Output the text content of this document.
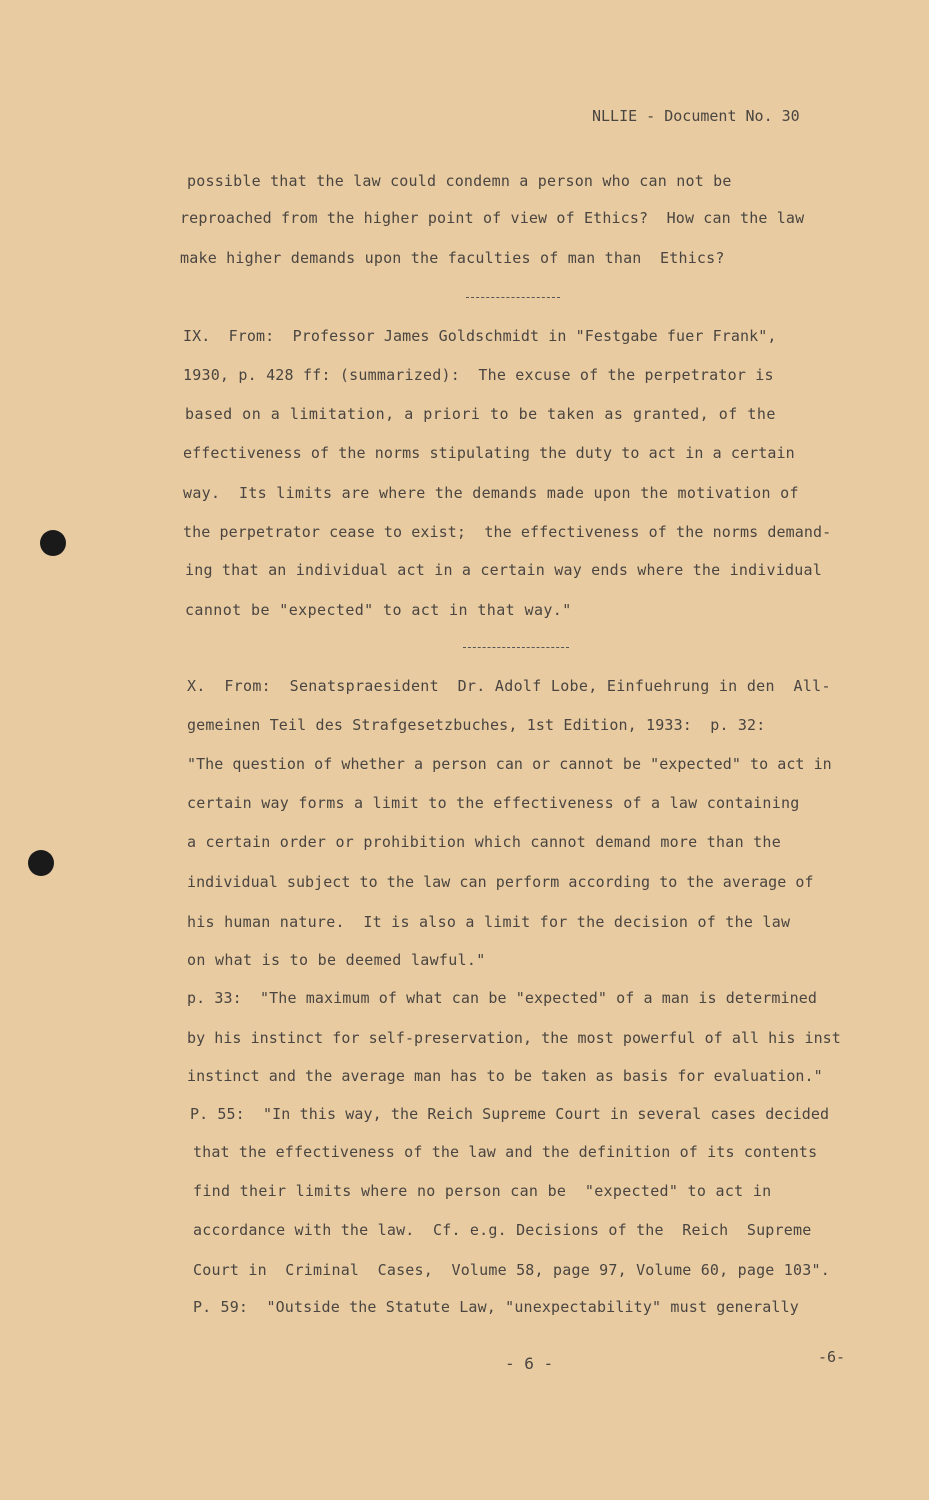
NLLIE - Document No. 30
possible that the law could condemn a person who can not be
reproached from the higher point of view of Ethics?  How can the law
make higher demands upon the faculties of man than  Ethics?
IX.  From:  Professor James Goldschmidt in "Festgabe fuer Frank",
1930, p. 428 ff: (summarized):  The excuse of the perpetrator is
based on a limitation, a priori to be taken as granted, of the
effectiveness of the norms stipulating the duty to act in a certain
way.  Its limits are where the demands made upon the motivation of
the perpetrator cease to exist;  the effectiveness of the norms demand-
ing that an individual act in a certain way ends where the individual
cannot be "expected" to act in that way."
X.  From:  Senatspraesident  Dr. Adolf Lobe, Einfuehrung in den  All-
gemeinen Teil des Strafgesetzbuches, 1st Edition, 1933:  p. 32:
"The question of whether a person can or cannot be "expected" to act in
certain way forms a limit to the effectiveness of a law containing
a certain order or prohibition which cannot demand more than the
individual subject to the law can perform according to the average of
his human nature.  It is also a limit for the decision of the law
on what is to be deemed lawful."
p. 33:  "The maximum of what can be "expected" of a man is determined
by his instinct for self-preservation, the most powerful of all his inst
instinct and the average man has to be taken as basis for evaluation."
P. 55:  "In this way, the Reich Supreme Court in several cases decided
that the effectiveness of the law and the definition of its contents
find their limits where no person can be  "expected" to act in
accordance with the law.  Cf. e.g. Decisions of the  Reich  Supreme
Court in  Criminal  Cases,  Volume 58, page 97, Volume 60, page 103".
P. 59:  "Outside the Statute Law, "unexpectability" must generally
- 6 -	-6-
